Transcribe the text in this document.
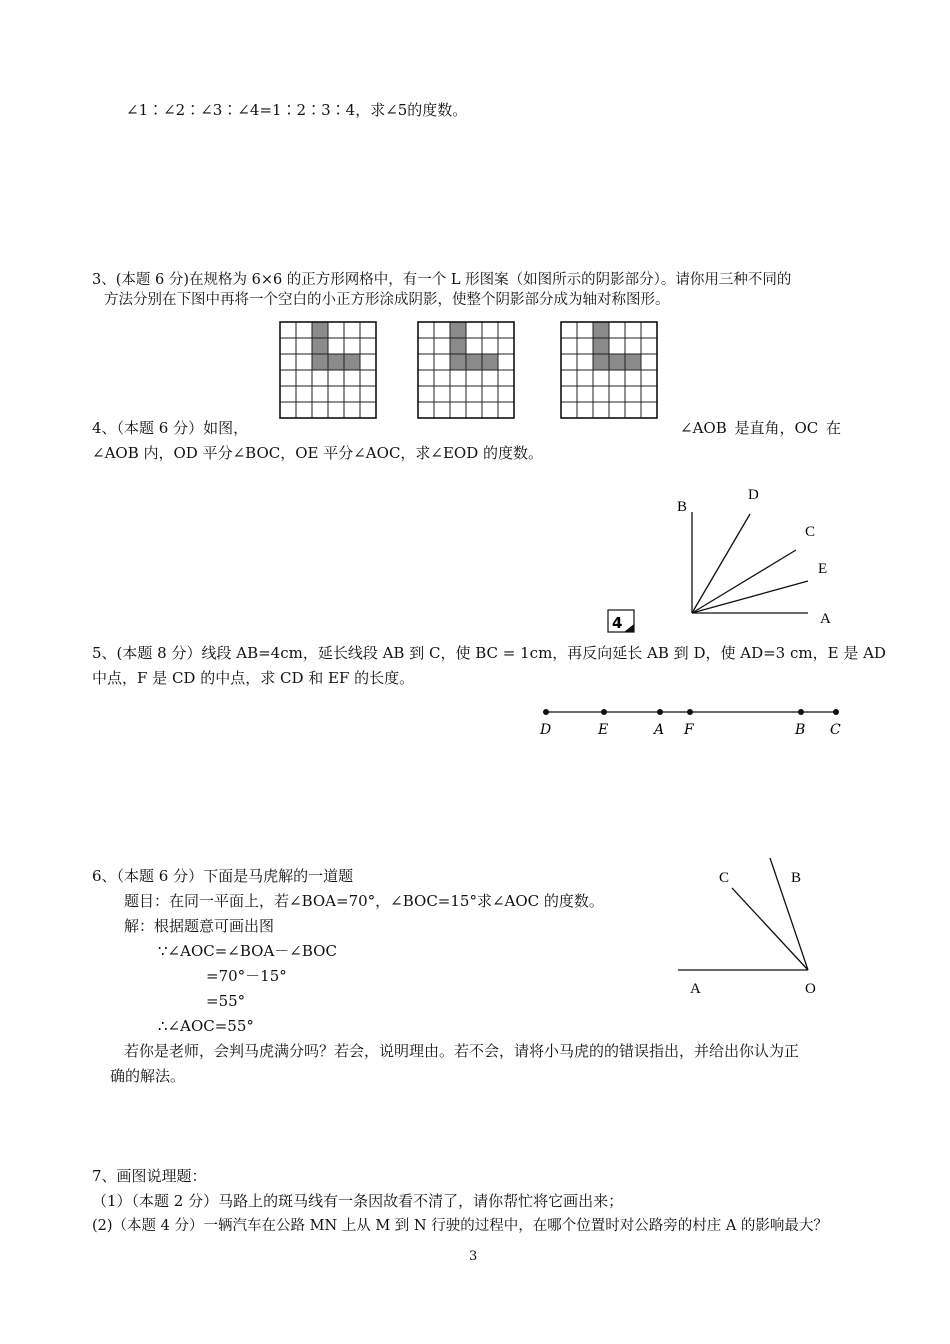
∠1∶∠2∶∠3∶∠4=1∶2∶3∶4，求∠5的度数。
3、(本题 6 分)在规格为 6×6 的正方形网格中，有一个 L 形图案（如图所示的阴影部分）。请你用三种不同的
方法分别在下图中再将一个空白的小正方形涂成阴影，使整个阴影部分成为轴对称图形。
4、（本题 6 分）如图，	∠AOB 是直角，OC 在
∠AOB 内，OD 平分∠BOC，OE 平分∠AOC，求∠EOD 的度数。
B
D
C
E
A
4
5、(本题 8 分）线段 AB=4cm，延长线段 AB 到 C，使 BC = 1cm，再反向延长 AB 到 D，使 AD=3 cm，E 是 AD
中点，F 是 CD 的中点，求 CD 和 EF 的长度。
D	E	A F	B C
6、（本题 6 分）下面是马虎解的一道题
题目：在同一平面上，若∠BOA=70°，∠BOC=15°求∠AOC 的度数。
解：根据题意可画出图
∵∠AOC=∠BOA－∠BOC
=70°－15°
=55°
∴∠AOC=55°
若你是老师，会判马虎满分吗？若会，说明理由。若不会，请将小马虎的的错误指出，并给出你认为正
确的解法。
C	B
A	O
7、画图说理题：
（1）（本题 2 分）马路上的斑马线有一条因故看不清了，请你帮忙将它画出来；
(2)（本题 4 分）一辆汽车在公路 MN 上从 M 到 N 行驶的过程中，在哪个位置时对公路旁的村庄 A 的影响最大？
3
